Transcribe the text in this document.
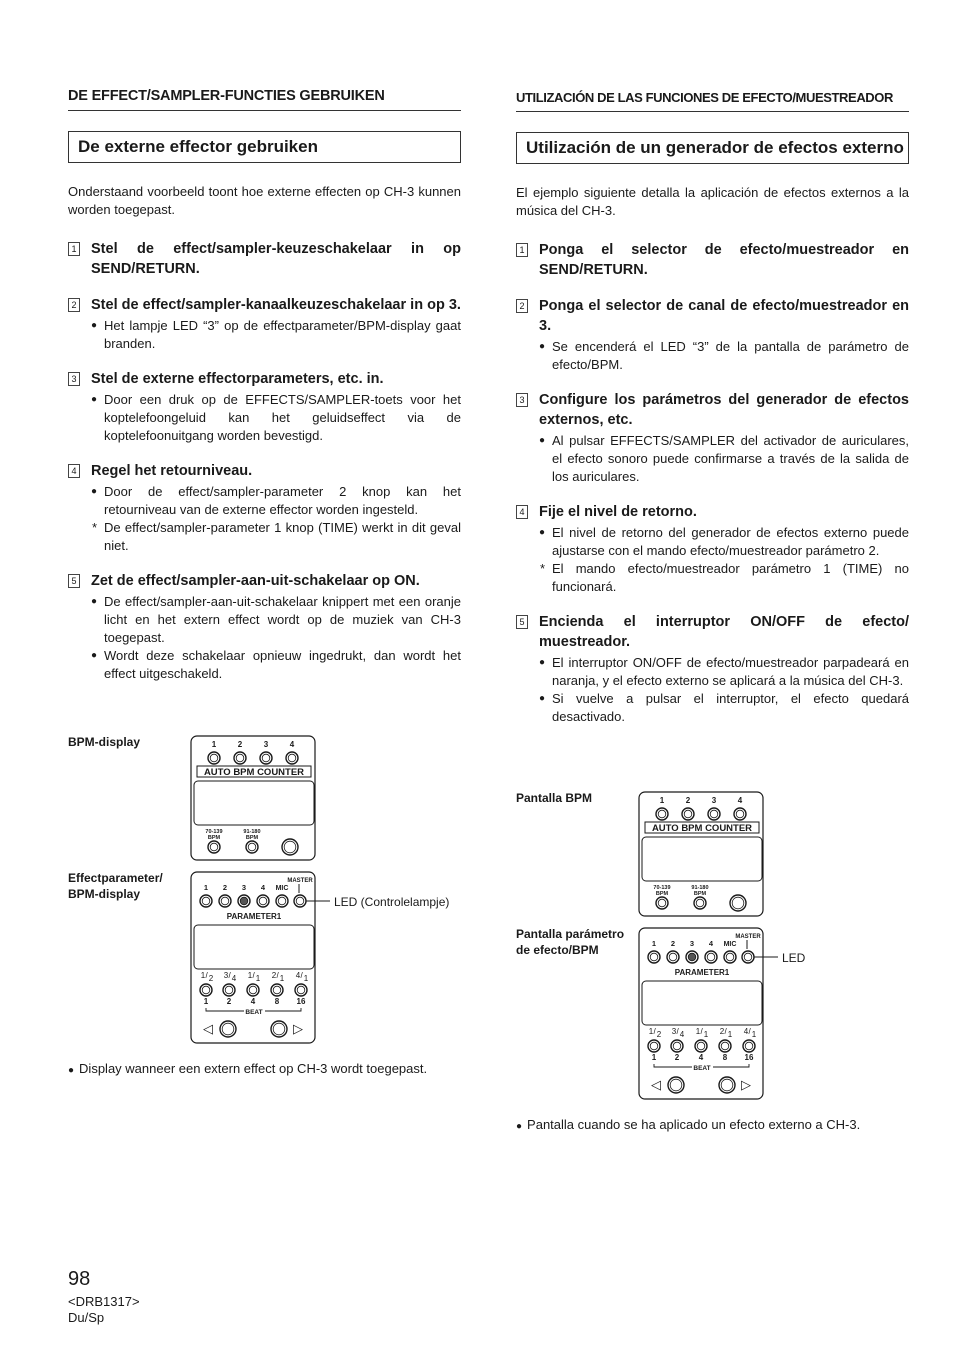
DE EFFECT/SAMPLER-FUNCTIES GEBRUIKEN
De externe effector gebruiken

Onderstaand voorbeeld toont hoe externe effecten op CH-3 kunnen worden toegepast.

1 Stel de effect/sampler-keuzeschakelaar in op SEND/RETURN.
2 Stel de effect/sampler-kanaalkeuzeschakelaar in op 3.
● Het lampje LED “3” op de effectparameter/BPM-display gaat branden.
3 Stel de externe effectorparameters, etc. in.
● Door een druk op de EFFECTS/SAMPLER-toets voor het koptelefoongeluid kan het geluidseffect via de koptelefoonuitgang worden bevestigd.
4 Regel het retourniveau.
● Door de effect/sampler-parameter 2 knop kan het retourniveau van de externe effector worden ingesteld.
* De effect/sampler-parameter 1 knop (TIME) werkt in dit geval niet.
5 Zet de effect/sampler-aan-uit-schakelaar op ON.
● De effect/sampler-aan-uit-schakelaar knippert met een oranje licht en het extern effect wordt op de muziek van CH-3 toegepast.
● Wordt deze schakelaar opnieuw ingedrukt, dan wordt het effect uitgeschakeld.
UTILIZACIÓN DE LAS FUNCIONES DE EFECTO/MUESTREADOR
Utilización de un generador de efectos externo

El ejemplo siguiente detalla la aplicación de efectos externos a la música del CH-3.

1 Ponga el selector de efecto/muestreador en SEND/RETURN.
2 Ponga el selector de canal de efecto/muestreador en 3.
● Se encenderá el LED “3” de la pantalla de parámetro de efecto/BPM.
3 Configure los parámetros del generador de efectos externos, etc.
● Al pulsar EFFECTS/SAMPLER del activador de auriculares, el efecto sonoro puede confirmarse a través de la salida de los auriculares.
4 Fije el nivel de retorno.
● El nivel de retorno del generador de efectos externo puede ajustarse con el mando efecto/muestreador parámetro 2.
* El mando efecto/muestreador parámetro 1 (TIME) no funcionará.
5 Encienda el interruptor ON/OFF de efecto/ muestreador.
● El interruptor ON/OFF de efecto/muestreador parpadeará en naranja, y el efecto externo se aplicará a la música del CH-3.
● Si vuelve a pulsar el interruptor, el efecto quedará desactivado.
BPM-display
Effectparameter/
BPM-display
1	2	3	4
AUTO BPM COUNTER
70-139
BPM
91-180
BPM
MASTER
1 2 3 4 MIC
PARAMETER1
1 / 2
1
3 / 4
2
1 / 1
4
2 / 1
8
4 / 1
16
BEAT
◁	▷
LED (Controlelampje)
● Display wanneer een extern effect op CH-3 wordt toegepast.
Pantalla BPM
Pantalla parámetro
de efecto/BPM
1	2	3	4
AUTO BPM COUNTER
70-139
BPM
91-180
BPM
MASTER
1 2 3 4 MIC
PARAMETER1
1 / 2
1
3 / 4
2
1 / 1
4
2 / 1
8
4 / 1
16
BEAT
◁	▷
LED
● Pantalla cuando se ha aplicado un efecto externo a CH-3.
98
<DRB1317>
Du/Sp
